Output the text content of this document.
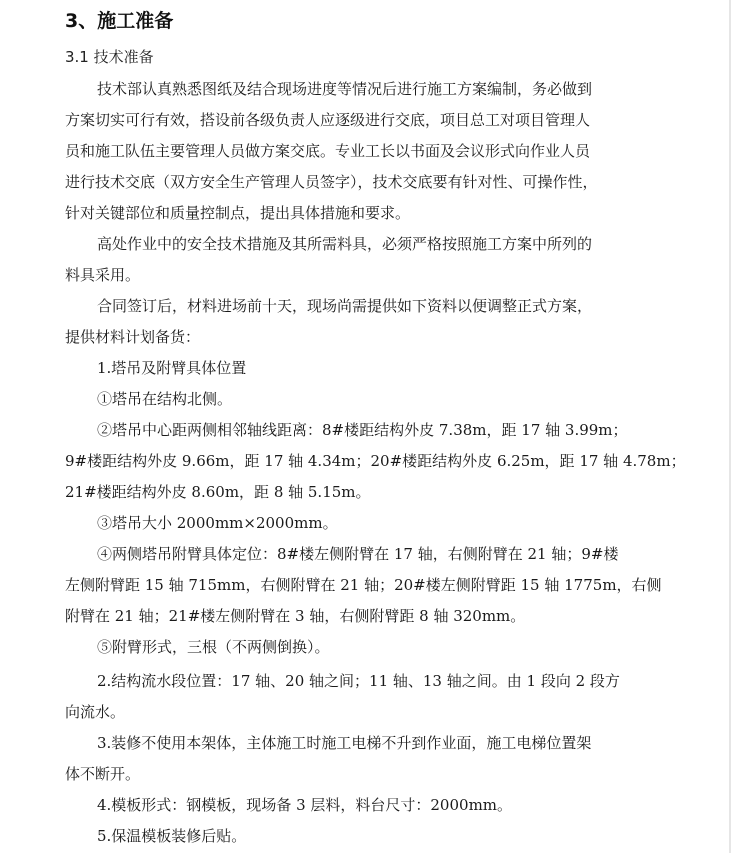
3、施工准备
3.1 技术准备
技术部认真熟悉图纸及结合现场进度等情况后进行施工方案编制，务必做到
方案切实可行有效，搭设前各级负责人应逐级进行交底，项目总工对项目管理人
员和施工队伍主要管理人员做方案交底。专业工长以书面及会议形式向作业人员
进行技术交底（双方安全生产管理人员签字），技术交底要有针对性、可操作性，
针对关键部位和质量控制点，提出具体措施和要求。
高处作业中的安全技术措施及其所需料具，必须严格按照施工方案中所列的
料具采用。
合同签订后，材料进场前十天，现场尚需提供如下资料以便调整正式方案，
提供材料计划备货：
1.塔吊及附臂具体位置
①塔吊在结构北侧。
②塔吊中心距两侧相邻轴线距离：8#楼距结构外皮 7.38m，距 17 轴 3.99m；
9#楼距结构外皮 9.66m，距 17 轴 4.34m；20#楼距结构外皮 6.25m，距 17 轴 4.78m；
21#楼距结构外皮 8.60m，距 8 轴 5.15m。
③塔吊大小 2000mm×2000mm。
④两侧塔吊附臂具体定位：8#楼左侧附臂在 17 轴，右侧附臂在 21 轴；9#楼
左侧附臂距 15 轴 715mm，右侧附臂在 21 轴；20#楼左侧附臂距 15 轴 1775m，右侧
附臂在 21 轴；21#楼左侧附臂在 3 轴，右侧附臂距 8 轴 320mm。
⑤附臂形式，三根（不两侧倒换）。
2.结构流水段位置：17 轴、20 轴之间；11 轴、13 轴之间。由 1 段向 2 段方
向流水。
3.装修不使用本架体，主体施工时施工电梯不升到作业面，施工电梯位置架
体不断开。
4.模板形式：钢模板，现场备 3 层料，料台尺寸：2000mm。
5.保温模板装修后贴。
